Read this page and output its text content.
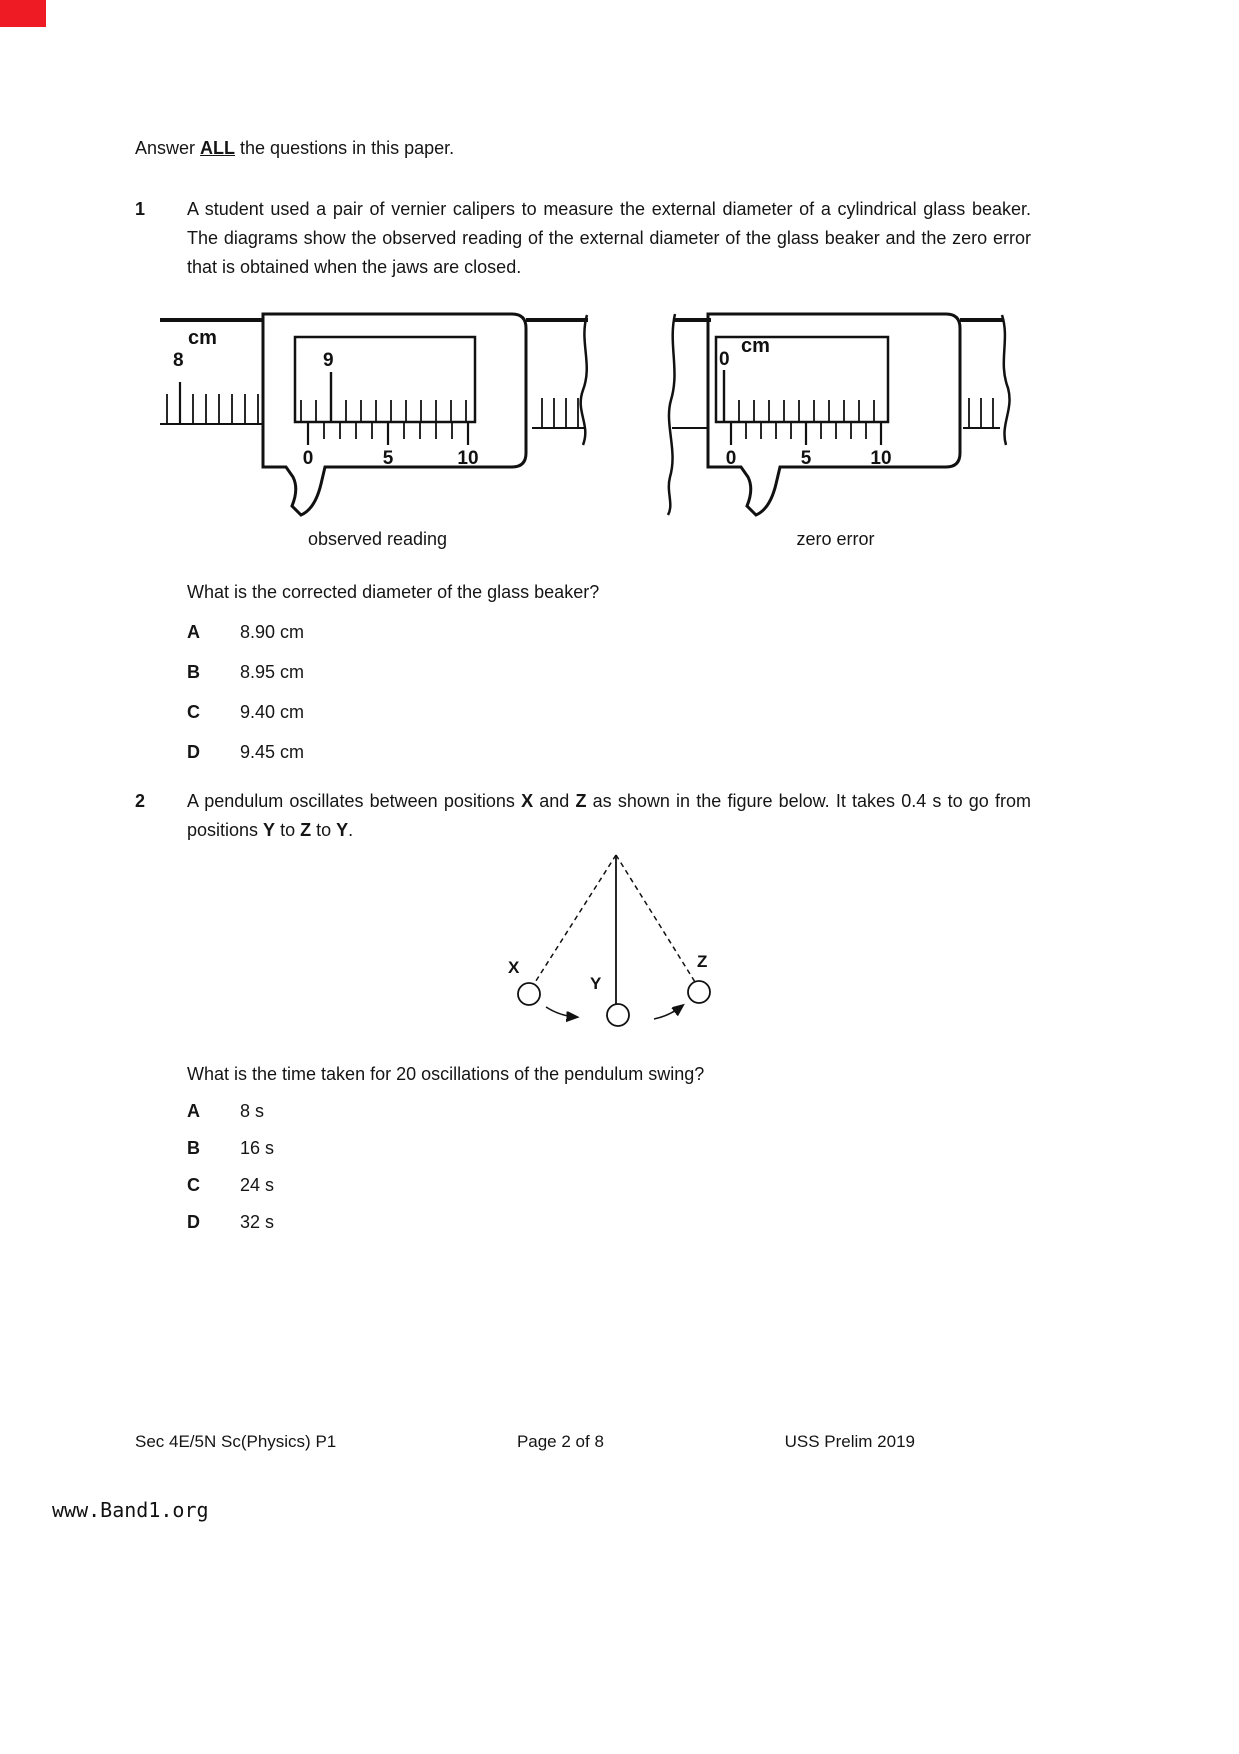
Answer ALL the questions in this paper.
1	A student used a pair of vernier calipers to measure the external diameter of a cylindrical glass beaker. The diagrams show the observed reading of the external diameter of the glass beaker and the zero error that is obtained when the jaws are closed.
cm
8	9
0	5	10
observed reading
0
cm
0	5	10
zero error
What is the corrected diameter of the glass beaker?
A	8.90 cm
B	8.95 cm
C	9.40 cm
D	9.45 cm
2	A pendulum oscillates between positions X and Z as shown in the figure below. It takes 0.4 s to go from positions Y to Z to Y.
X
Y
Z
What is the time taken for 20 oscillations of the pendulum swing?
A	8 s
B	16 s
C	24 s
D	32 s
Sec 4E/5N Sc(Physics) P1	Page 2 of 8	USS Prelim 2019
www.Band1.org
